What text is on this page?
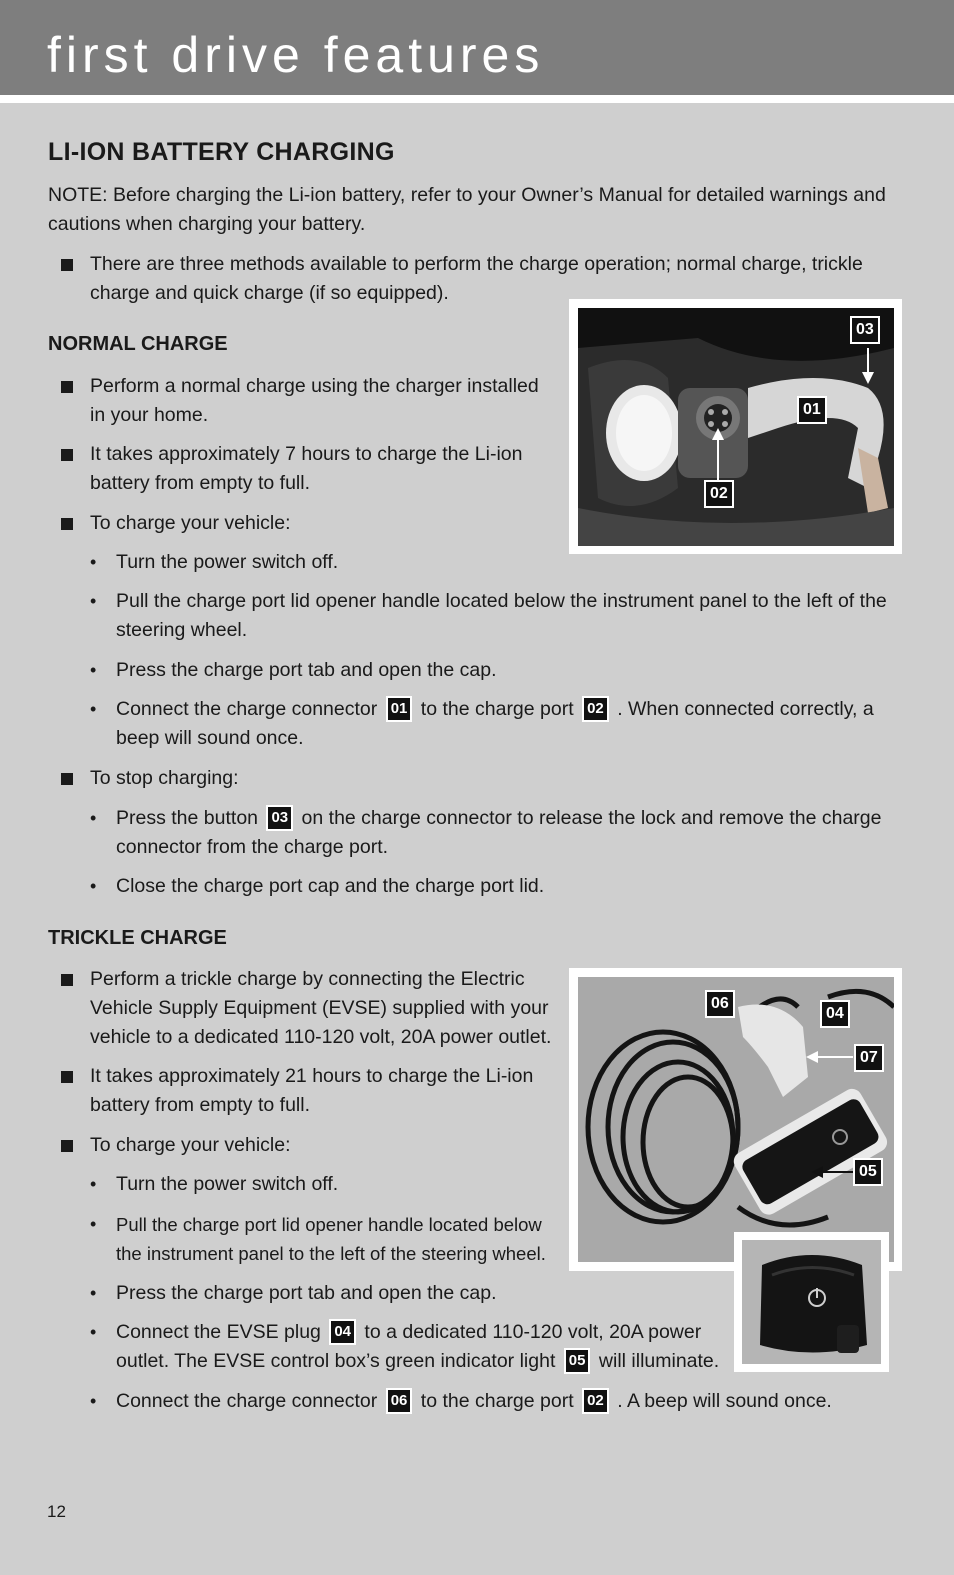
first drive features
LI-ION BATTERY CHARGING
NOTE: Before charging the Li-ion battery, refer to your Owner’s Manual for detailed warnings and cautions when charging your battery.
There are three methods available to perform the charge operation; normal charge, trickle charge and quick charge (if so equipped).
NORMAL CHARGE
Perform a normal charge using the charger installed in your home.
It takes approximately 7 hours to charge the Li-ion battery from empty to full.
To charge your vehicle:
• Turn the power switch off.
• Pull the charge port lid opener handle located below the instrument panel to the left of the steering wheel.
• Press the charge port tab and open the cap.
• Connect the charge connector 01 to the charge port 02 . When connected correctly, a beep will sound once.
To stop charging:
• Press the button 03 on the charge connector to release the lock and remove the charge connector from the charge port.
• Close the charge port cap and the charge port lid.
03
01
02
TRICKLE CHARGE
Perform a trickle charge by connecting the Electric Vehicle Supply Equipment (EVSE) supplied with your vehicle to a dedicated 110-120 volt, 20A power outlet.
It takes approximately 21 hours to charge the Li-ion battery from empty to full.
To charge your vehicle:
• Turn the power switch off.
• Pull the charge port lid opener handle located below the instrument panel to the left of the steering wheel.
• Press the charge port tab and open the cap.
• Connect the EVSE plug 04 to a dedicated 110-120 volt, 20A power outlet. The EVSE control box’s green indicator light 05 will illuminate.
• Connect the charge connector 06 to the charge port 02 . A beep will sound once.
06
04
07
05
12
